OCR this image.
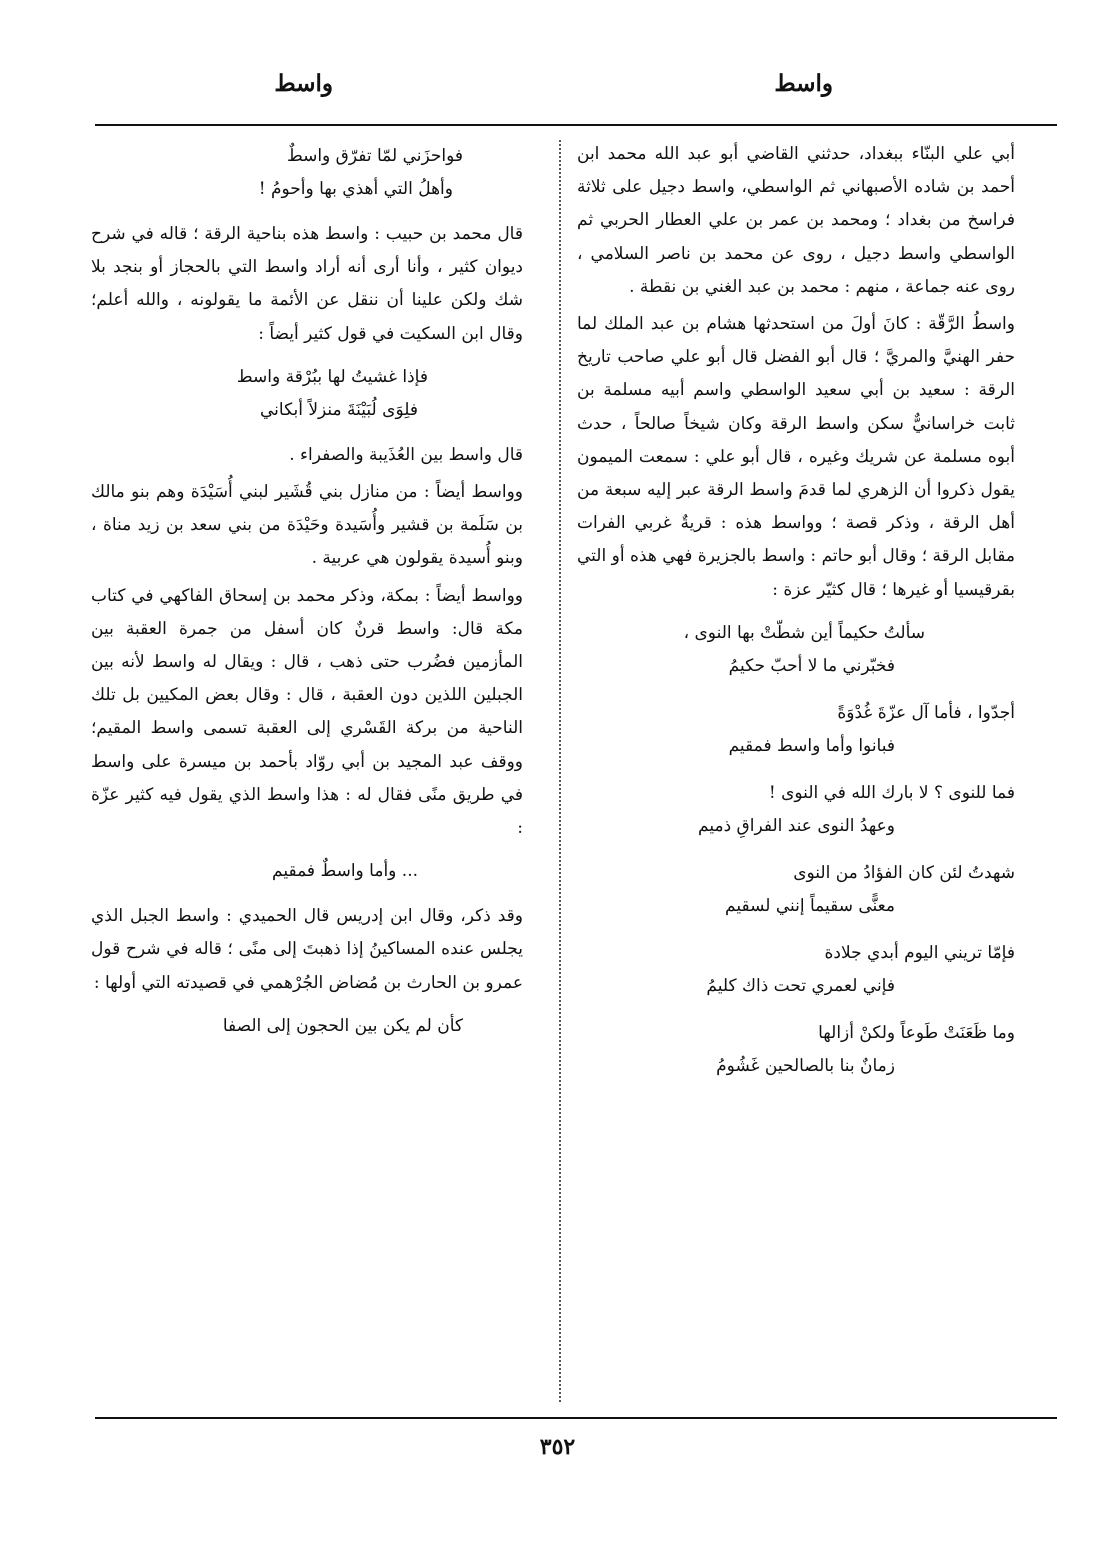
واسط
واسط

أبي علي البنّاء ببغداد، حدثني القاضي أبو عبد الله محمد ابن أحمد بن شاده الأصبهاني ثم الواسطي، واسط دجيل على ثلاثة فراسخ من بغداد ؛ ومحمد بن عمر بن علي العطار الحربي ثم الواسطي واسط دجيل ، روى عن محمد بن ناصر السلامي ، روى عنه جماعة ، منهم : محمد بن عبد الغني بن نقطة .

واسطُ الرَّقّة : كانَ أولَ من استحدثها هشام بن عبد الملك لما حفر الهنيَّ والمريَّ ؛ قال أبو الفضل قال أبو علي صاحب تاريخ الرقة : سعيد بن أبي سعيد الواسطي واسم أبيه مسلمة بن ثابت خراسانيٌّ سكن واسط الرقة وكان شيخاً صالحاً ، حدث أبوه مسلمة عن شريك وغيره ، قال أبو علي : سمعت الميمون يقول ذكروا أن الزهري لما قدمَ واسط الرقة عبر إليه سبعة من أهل الرقة ، وذكر قصة ؛ وواسط هذه : قريةٌ غربي الفرات مقابل الرقة ؛ وقال أبو حاتم : واسط بالجزيرة فهي هذه أو التي بقرقيسيا أو غيرها ؛ قال كثيّر عزة :

سألتُ حكيماً أين شطّتْ بها النوى ،
فخبّرني ما لا أحبّ حكيمُ
أجدّوا ، فأما آل عزّةَ غُدْوَةً
فبانوا وأما واسط فمقيم
فما للنوى ؟ لا بارك الله في النوى !
وعهدُ النوى عند الفراقِ ذميم
شهدتُ لئن كان الفؤادُ من النوى
معنًّى سقيماً إنني لسقيم
فإمّا تريني اليوم أبدي جلادة
فإني لعمري تحت ذاك كليمُ
وما ظَعَنَتْ طَوعاً ولكنْ أزالها
زمانٌ بنا بالصالحين غَشُومُ
فواحزَني لمّا تفرّق واسطٌ
وأهلُ التي أهذي بها وأحومُ !

قال محمد بن حبيب : واسط هذه بناحية الرقة ؛ قاله في شرح ديوان كثير ، وأنا أرى أنه أراد واسط التي بالحجاز أو بنجد بلا شك ولكن علينا أن ننقل عن الأئمة ما يقولونه ، والله أعلم؛ وقال ابن السكيت في قول كثير أيضاً :

فإذا غشيتُ لها ببُرْقة واسط
فلِوَى لُبَيْنَةَ منزلاً أبكاني

قال واسط بين العُذَيبة والصفراء .

وواسط أيضاً : من منازل بني قُشَير لبني أُسَيْدَة وهم بنو مالك بن سَلَمة بن قشير وأُسَيدة وحَيْدَة من بني سعد بن زيد مناة ، وبنو أُسيدة يقولون هي عربية .

وواسط أيضاً : بمكة، وذكر محمد بن إسحاق الفاكهي في كتاب مكة قال: واسط قرنٌ كان أسفل من جمرة العقبة بين المأزمين فضُرب حتى ذهب ، قال : ويقال له واسط لأنه بين الجبلين اللذين دون العقبة ، قال : وقال بعض المكيين بل تلك الناحية من بركة القَسْري إلى العقبة تسمى واسط المقيم؛ ووقف عبد المجيد بن أبي روّاد بأحمد بن ميسرة على واسط في طريق منًى فقال له : هذا واسط الذي يقول فيه كثير عزّة :

... وأما واسطٌ فمقيم

وقد ذكر، وقال ابن إدريس قال الحميدي : واسط الجبل الذي يجلس عنده المساكينُ إذا ذهبتَ إلى منًى ؛ قاله في شرح قول عمرو بن الحارث بن مُضاض الجُرْهمي في قصيدته التي أولها :

كأن لم يكن بين الحجون إلى الصفا
٣٥٢
